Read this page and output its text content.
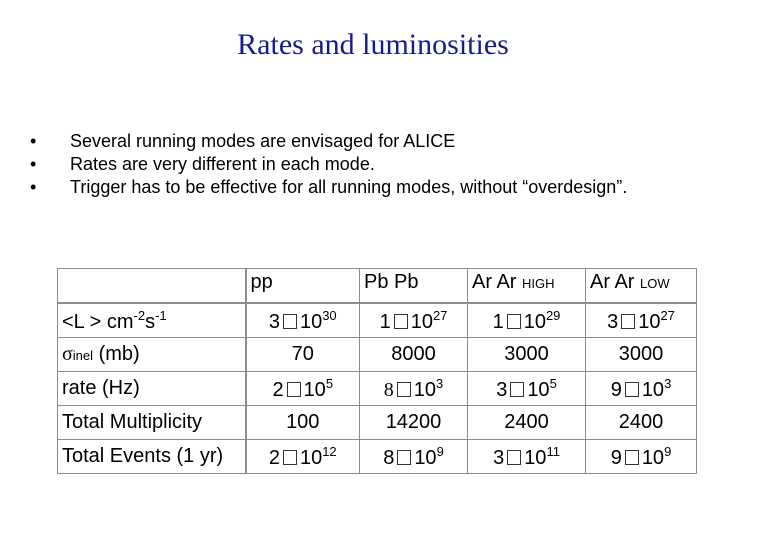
Rates and luminosities
•	Several running modes are envisaged for ALICE
•	Rates are very different in each mode.
•	Trigger has to be effective for all running modes, without “overdesign”.
	pp	Pb Pb	Ar Ar HIGH	Ar Ar LOW
$<L > cm^{-2}s^{-1}$	3 $10^{30}$	1 $10^{27}$	1 $10^{29}$	3 $10^{27}$
σinel (mb)	70	8000	3000	3000
rate (Hz)	2 $10^5$	8 $10^3$	3 $10^5$	9 $10^3$
Total Multiplicity	100	14200	2400	2400
Total Events (1 yr)	2 $10^{12}$	8 $10^9$	3 $10^{11}$	9 $10^9$
